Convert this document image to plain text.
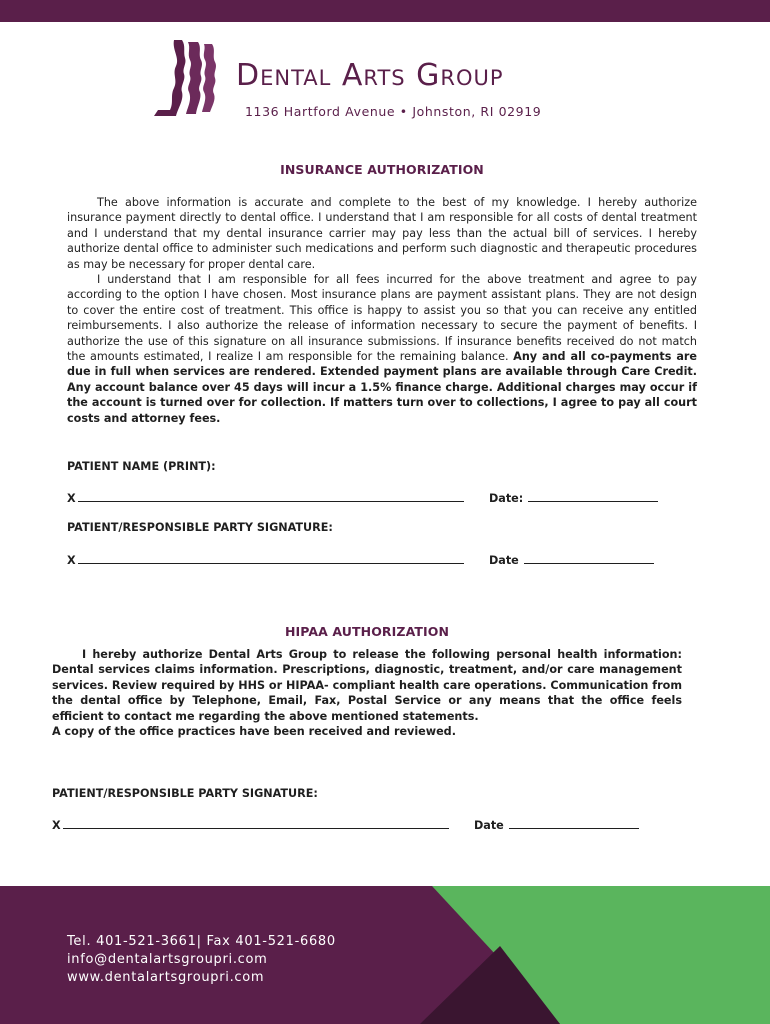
Dental Arts Group
1136 Hartford Avenue • Johnston, RI 02919
INSURANCE AUTHORIZATION

The above information is accurate and complete to the best of my knowledge. I hereby authorize insurance payment directly to dental office. I understand that I am responsible for all costs of dental treatment and I understand that my dental insurance carrier may pay less than the actual bill of services. I hereby authorize dental office to administer such medications and perform such diagnostic and therapeutic procedures as may be necessary for proper dental care.

I understand that I am responsible for all fees incurred for the above treatment and agree to pay according to the option I have chosen. Most insurance plans are payment assistant plans. They are not design to cover the entire cost of treatment. This office is happy to assist you so that you can receive any entitled reimbursements. I also authorize the release of information necessary to secure the payment of benefits. I authorize the use of this signature on all insurance submissions. If insurance benefits received do not match the amounts estimated, I realize I am responsible for the remaining balance. Any and all co-payments are due in full when services are rendered. Extended payment plans are available through Care Credit. Any account balance over 45 days will incur a 1.5% finance charge. Additional charges may occur if the account is turned over for collection. If matters turn over to collections, I agree to pay all court costs and attorney fees.

PATIENT NAME (PRINT):
X	Date:
PATIENT/RESPONSIBLE PARTY SIGNATURE:
X	Date
HIPAA AUTHORIZATION

I hereby authorize Dental Arts Group to release the following personal health information: Dental services claims information. Prescriptions, diagnostic, treatment, and/or care management services. Review required by HHS or HIPAA- compliant health care operations. Communication from the dental office by Telephone, Email, Fax, Postal Service or any means that the office feels efficient to contact me regarding the above mentioned statements.

A copy of the office practices have been received and reviewed.

PATIENT/RESPONSIBLE PARTY SIGNATURE:
X	Date
Tel. 401-521-3661| Fax 401-521-6680
info@dentalartsgroupri.com
www.dentalartsgroupri.com
